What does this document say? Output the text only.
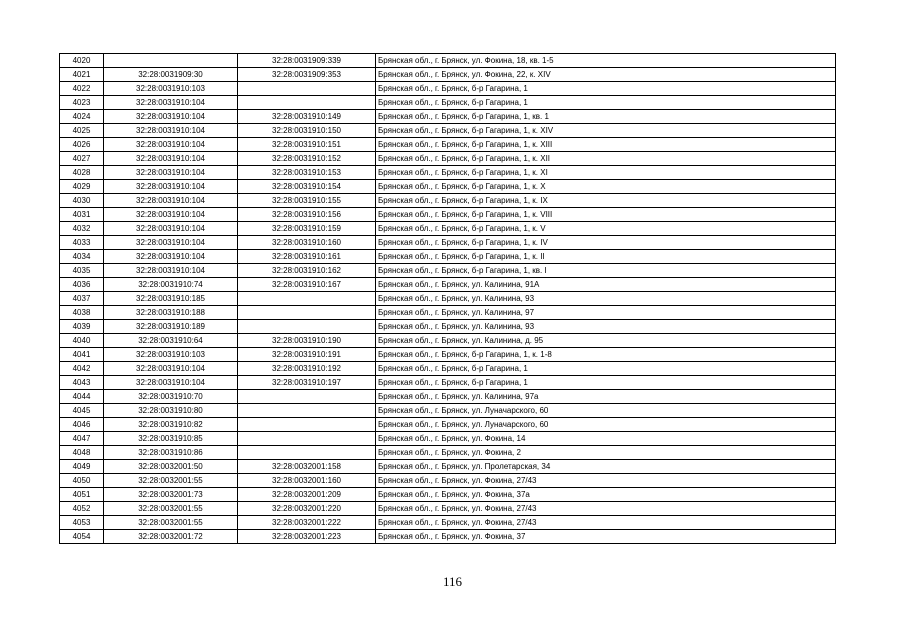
4020		32:28:0031909:339	Брянская обл., г. Брянск, ул. Фокина, 18, кв. 1-5
4021	32:28:0031909:30	32:28:0031909:353	Брянская обл., г. Брянск, ул. Фокина, 22, к. XIV
4022	32:28:0031910:103		Брянская обл., г. Брянск, б-р Гагарина, 1
4023	32:28:0031910:104		Брянская обл., г. Брянск, б-р Гагарина, 1
4024	32:28:0031910:104	32:28:0031910:149	Брянская обл., г. Брянск, б-р Гагарина, 1, кв. 1
4025	32:28:0031910:104	32:28:0031910:150	Брянская обл., г. Брянск, б-р Гагарина, 1, к. XIV
4026	32:28:0031910:104	32:28:0031910:151	Брянская обл., г. Брянск, б-р Гагарина, 1, к. XIII
4027	32:28:0031910:104	32:28:0031910:152	Брянская обл., г. Брянск, б-р Гагарина, 1, к. XII
4028	32:28:0031910:104	32:28:0031910:153	Брянская обл., г. Брянск, б-р Гагарина, 1, к. XI
4029	32:28:0031910:104	32:28:0031910:154	Брянская обл., г. Брянск, б-р Гагарина, 1, к. X
4030	32:28:0031910:104	32:28:0031910:155	Брянская обл., г. Брянск, б-р Гагарина, 1, к. IX
4031	32:28:0031910:104	32:28:0031910:156	Брянская обл., г. Брянск, б-р Гагарина, 1, к. VIII
4032	32:28:0031910:104	32:28:0031910:159	Брянская обл., г. Брянск, б-р Гагарина, 1, к. V
4033	32:28:0031910:104	32:28:0031910:160	Брянская обл., г. Брянск, б-р Гагарина, 1, к. IV
4034	32:28:0031910:104	32:28:0031910:161	Брянская обл., г. Брянск, б-р Гагарина, 1, к. II
4035	32:28:0031910:104	32:28:0031910:162	Брянская обл., г. Брянск, б-р Гагарина, 1, кв. I
4036	32:28:0031910:74	32:28:0031910:167	Брянская обл., г. Брянск, ул. Калинина, 91А
4037	32:28:0031910:185		Брянская обл., г. Брянск, ул. Калинина, 93
4038	32:28:0031910:188		Брянская обл., г. Брянск, ул. Калинина, 97
4039	32:28:0031910:189		Брянская обл., г. Брянск, ул. Калинина, 93
4040	32:28:0031910:64	32:28:0031910:190	Брянская обл., г. Брянск, ул. Калинина, д. 95
4041	32:28:0031910:103	32:28:0031910:191	Брянская обл., г. Брянск, б-р Гагарина, 1, к. 1-8
4042	32:28:0031910:104	32:28:0031910:192	Брянская обл., г. Брянск, б-р Гагарина, 1
4043	32:28:0031910:104	32:28:0031910:197	Брянская обл., г. Брянск, б-р Гагарина, 1
4044	32:28:0031910:70		Брянская обл., г. Брянск, ул. Калинина, 97а
4045	32:28:0031910:80		Брянская обл., г. Брянск, ул. Луначарского, 60
4046	32:28:0031910:82		Брянская обл., г. Брянск, ул. Луначарского, 60
4047	32:28:0031910:85		Брянская обл., г. Брянск, ул. Фокина, 14
4048	32:28:0031910:86		Брянская обл., г. Брянск, ул. Фокина, 2
4049	32:28:0032001:50	32:28:0032001:158	Брянская обл., г. Брянск, ул. Пролетарская, 34
4050	32:28:0032001:55	32:28:0032001:160	Брянская обл., г. Брянск, ул. Фокина, 27/43
4051	32:28:0032001:73	32:28:0032001:209	Брянская обл., г. Брянск, ул. Фокина, 37а
4052	32:28:0032001:55	32:28:0032001:220	Брянская обл., г. Брянск, ул. Фокина, 27/43
4053	32:28:0032001:55	32:28:0032001:222	Брянская обл., г. Брянск, ул. Фокина, 27/43
4054	32:28:0032001:72	32:28:0032001:223	Брянская обл., г. Брянск, ул. Фокина, 37
116
